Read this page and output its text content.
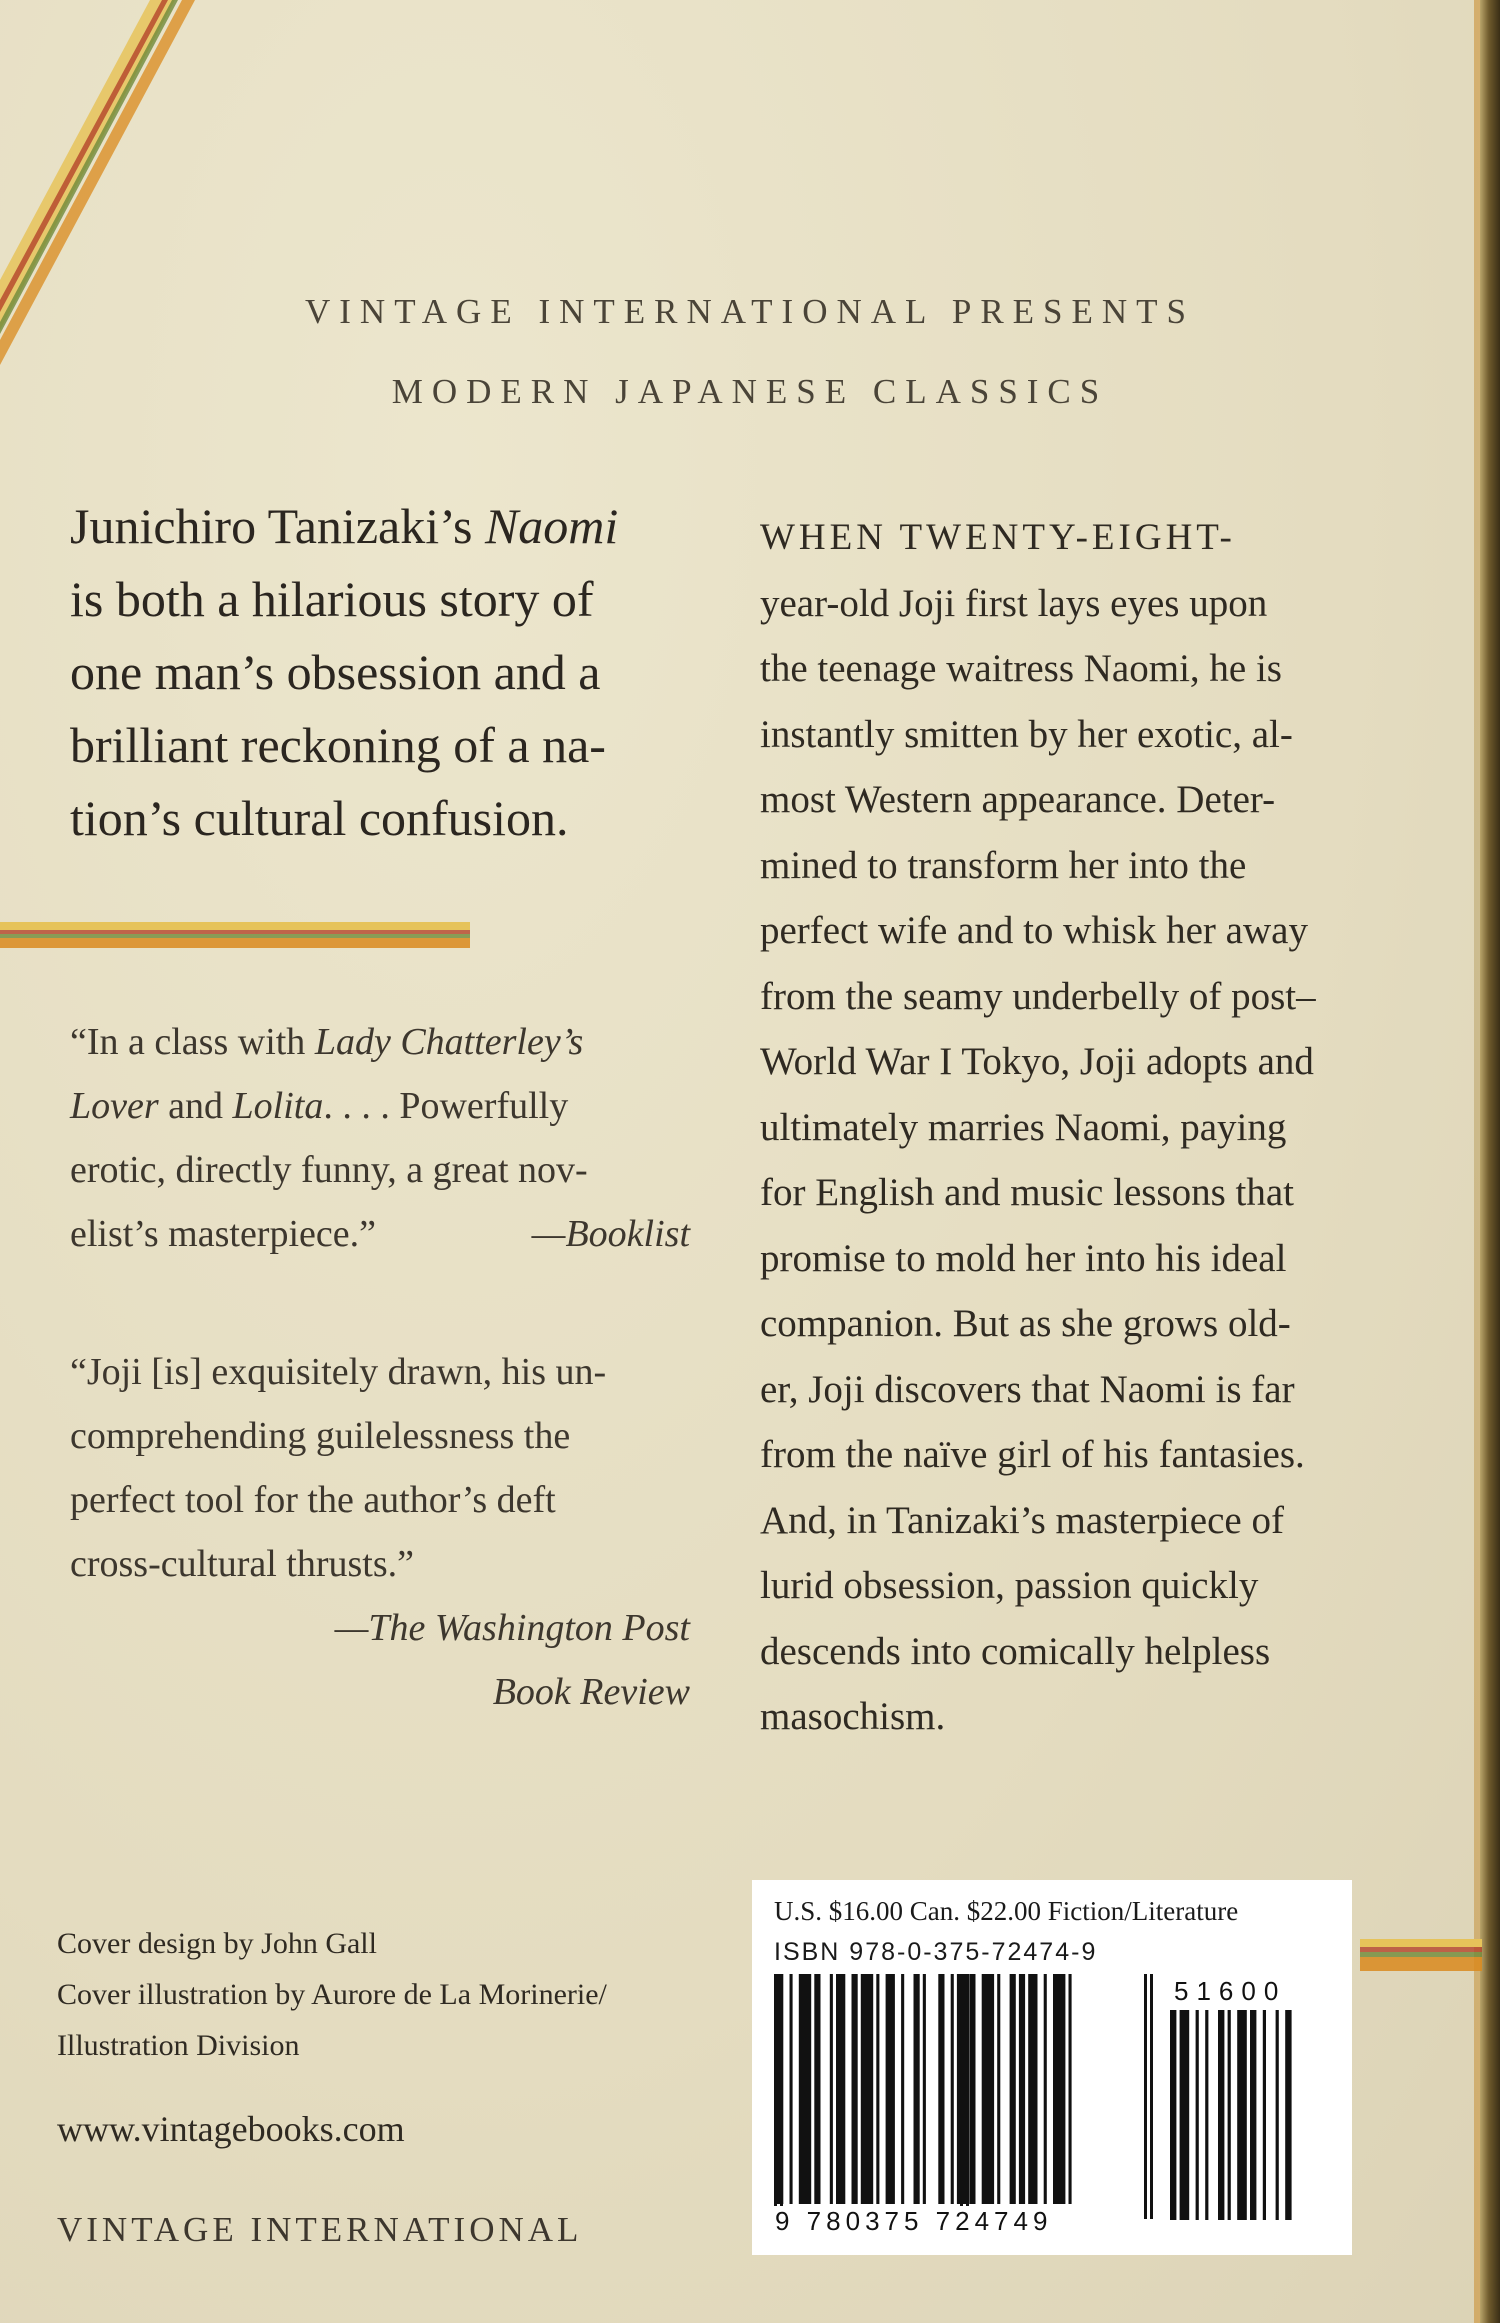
VINTAGE INTERNATIONAL PRESENTS
MODERN JAPANESE CLASSICS
Junichiro Tanizaki’s Naomi
is both a hilarious story of
one man’s obsession and a
brilliant reckoning of a na-
tion’s cultural confusion.
“In a class with Lady Chatterley’s
Lover and Lolita. . . . Powerfully
erotic, directly funny, a great nov-
elist’s masterpiece.”	—Booklist
“Joji [is] exquisitely drawn, his un-
comprehending guilelessness the
perfect tool for the author’s deft
cross-cultural thrusts.”
—The Washington Post
Book Review
WHEN TWENTY-EIGHT-
year-old Joji first lays eyes upon
the teenage waitress Naomi, he is
instantly smitten by her exotic, al-
most Western appearance. Deter-
mined to transform her into the
perfect wife and to whisk her away
from the seamy underbelly of post–
World War I Tokyo, Joji adopts and
ultimately marries Naomi, paying
for English and music lessons that
promise to mold her into his ideal
companion. But as she grows old-
er, Joji discovers that Naomi is far
from the naïve girl of his fantasies.
And, in Tanizaki’s masterpiece of
lurid obsession, passion quickly
descends into comically helpless
masochism.
Cover design by John Gall
Cover illustration by Aurore de La Morinerie/
Illustration Division
www.vintagebooks.com
VINTAGE INTERNATIONAL
U.S. $16.00 Can. $22.00 Fiction/Literature
ISBN 978-0-375-72474-9
51600
9 780375 724749
